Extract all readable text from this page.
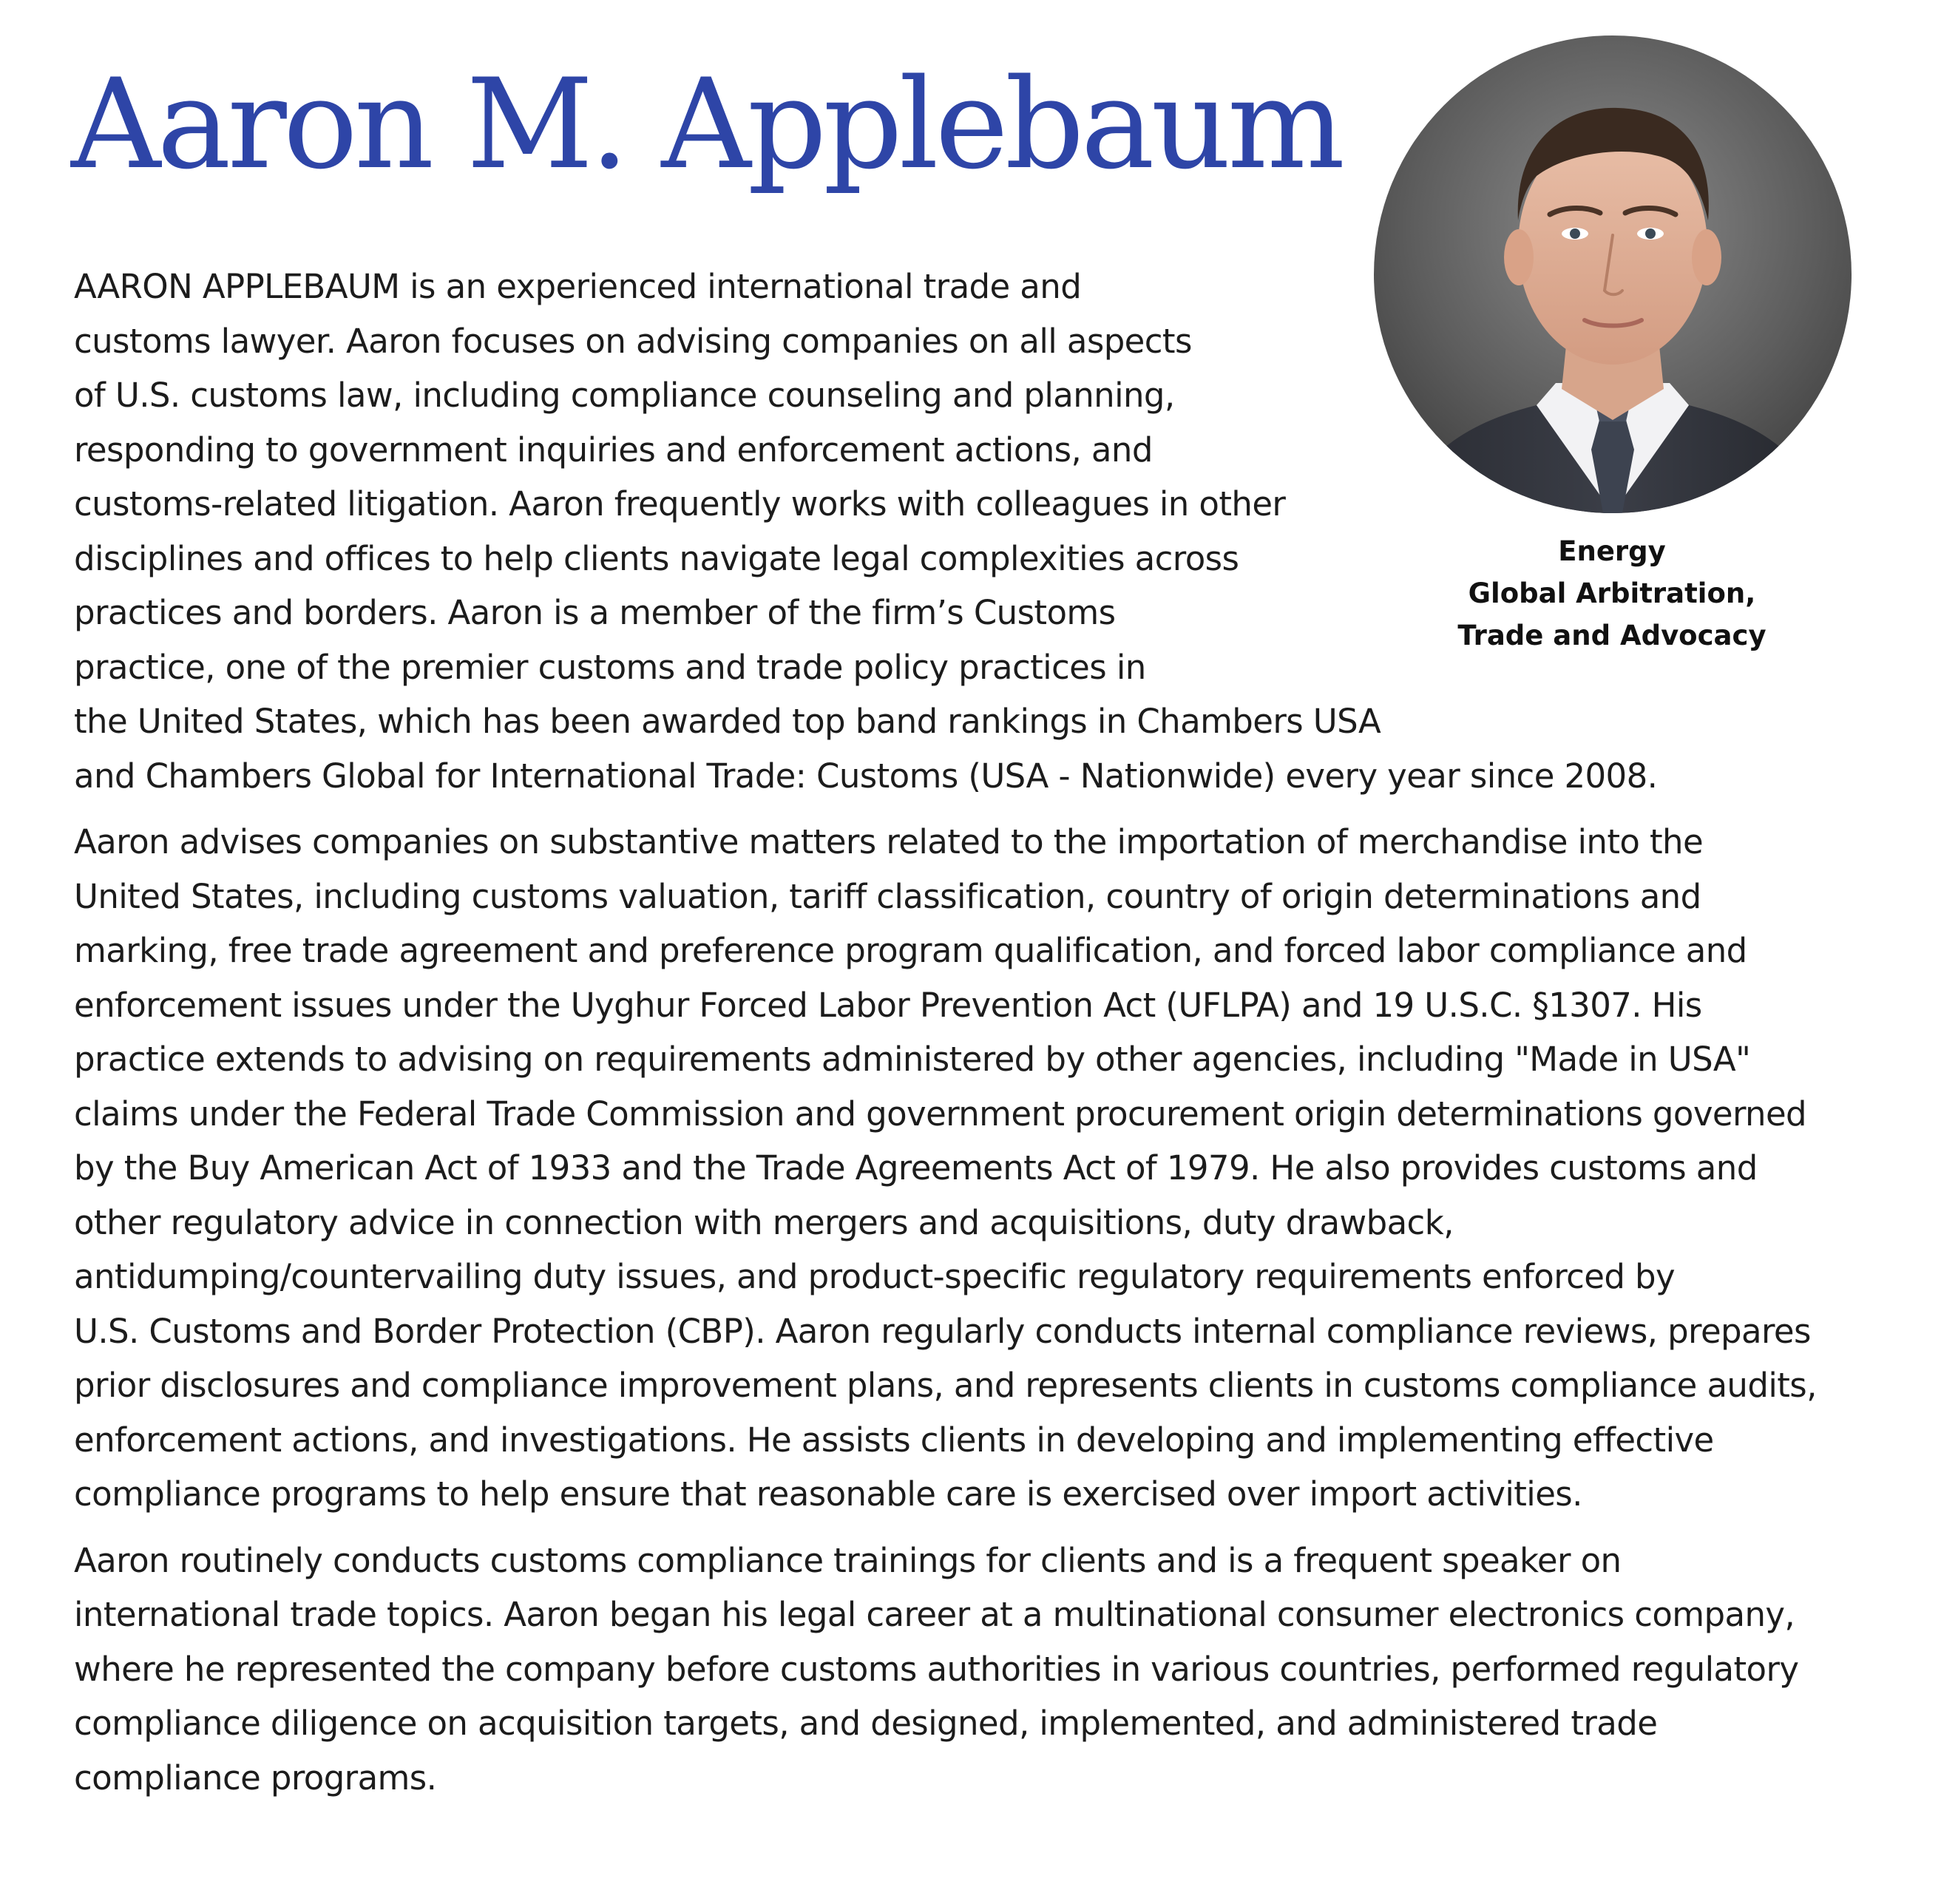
Aaron M. Applebaum
Energy
Global Arbitration,
Trade and Advocacy

AARON APPLEBAUM is an experienced international trade and
customs lawyer. Aaron focuses on advising companies on all aspects
of U.S. customs law, including compliance counseling and planning,
responding to government inquiries and enforcement actions, and
customs-related litigation. Aaron frequently works with colleagues in other
disciplines and offices to help clients navigate legal complexities across
practices and borders. Aaron is a member of the firm’s Customs
practice, one of the premier customs and trade policy practices in
the United States, which has been awarded top band rankings in Chambers USA
and Chambers Global for International Trade: Customs (USA - Nationwide) every year since 2008.

Aaron advises companies on substantive matters related to the importation of merchandise into the
United States, including customs valuation, tariff classification, country of origin determinations and
marking, free trade agreement and preference program qualification, and forced labor compliance and
enforcement issues under the Uyghur Forced Labor Prevention Act (UFLPA) and 19 U.S.C. §1307. His
practice extends to advising on requirements administered by other agencies, including "Made in USA"
claims under the Federal Trade Commission and government procurement origin determinations governed
by the Buy American Act of 1933 and the Trade Agreements Act of 1979. He also provides customs and
other regulatory advice in connection with mergers and acquisitions, duty drawback,
antidumping/countervailing duty issues, and product-specific regulatory requirements enforced by
U.S. Customs and Border Protection (CBP). Aaron regularly conducts internal compliance reviews, prepares
prior disclosures and compliance improvement plans, and represents clients in customs compliance audits,
enforcement actions, and investigations. He assists clients in developing and implementing effective
compliance programs to help ensure that reasonable care is exercised over import activities.

Aaron routinely conducts customs compliance trainings for clients and is a frequent speaker on
international trade topics. Aaron began his legal career at a multinational consumer electronics company,
where he represented the company before customs authorities in various countries, performed regulatory
compliance diligence on acquisition targets, and designed, implemented, and administered trade
compliance programs.
